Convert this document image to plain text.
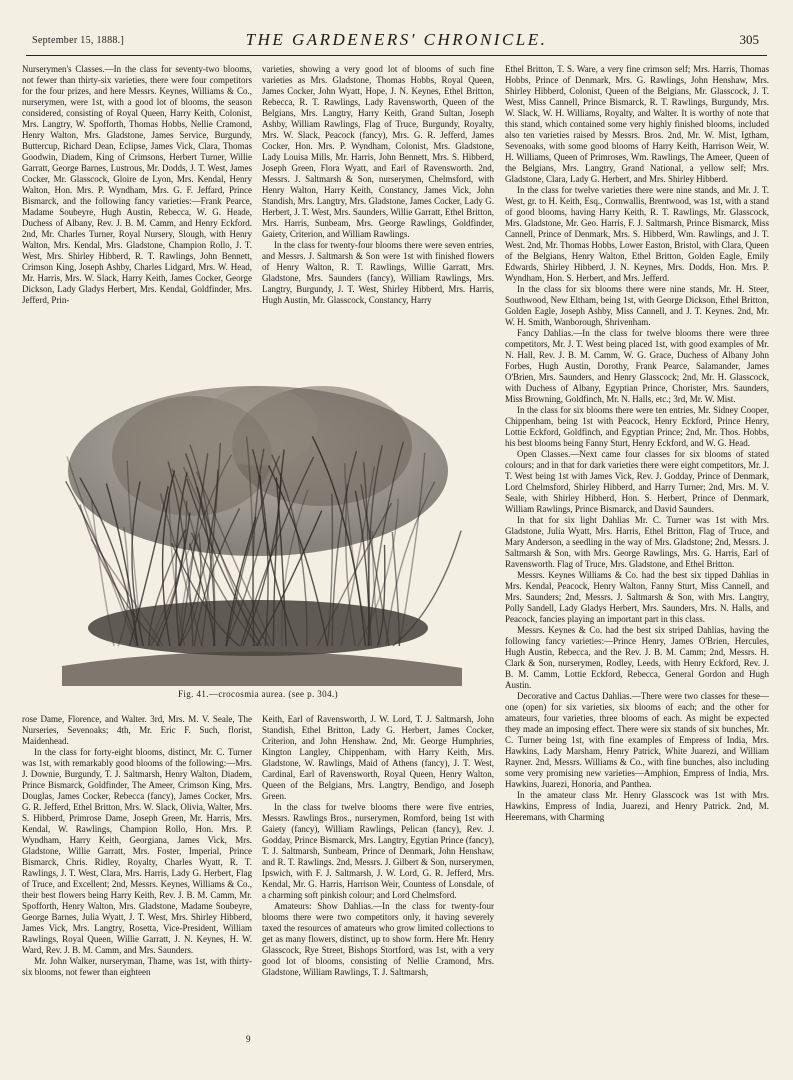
September 15, 1888.]	THE GARDENERS' CHRONICLE.	305

Nurserymen's Classes.—In the class for seventy-two blooms, not fewer than thirty-six varieties, there were four competitors for the four prizes, and here Messrs. Keynes, Williams & Co., nurserymen, were 1st, with a good lot of blooms, the season considered, consisting of Royal Queen, Harry Keith, Colonist, Mrs. Langtry, W. Spofforth, Thomas Hobbs, Nellie Cramond, Henry Walton, Mrs. Gladstone, James Service, Burgundy, Buttercup, Richard Dean, Eclipse, James Vick, Clara, Thomas Goodwin, Diadem, King of Crimsons, Herbert Turner, Willie Garratt, George Barnes, Lustrous, Mr. Dodds, J. T. West, James Cocker, Mr. Glasscock, Gloire de Lyon, Mrs. Kendal, Henry Walton, Hon. Mrs. P. Wyndham, Mrs. G. F. Jeffard, Prince Bismarck, and the following fancy varieties:—Frank Pearce, Madame Soubeyre, Hugh Austin, Rebecca, W. G. Heade, Duchess of Albany, Rev. J. B. M. Camm, and Henry Eckford. 2nd, Mr. Charles Turner, Royal Nursery, Slough, with Henry Walton, Mrs. Kendal, Mrs. Gladstone, Champion Rollo, J. T. West, Mrs. Shirley Hibberd, R. T. Rawlings, John Bennett, Crimson King, Joseph Ashby, Charles Lidgard, Mrs. W. Head, Mr. Harris, Mrs. W. Slack, Harry Keith, James Cocker, George Dickson, Lady Gladys Herbert, Mrs. Kendal, Goldfinder, Mrs. Jefferd, Prin-

varieties, showing a very good lot of blooms of such fine varieties as Mrs. Gladstone, Thomas Hobbs, Royal Queen, James Cocker, John Wyatt, Hope, J. N. Keynes, Ethel Britton, Rebecca, R. T. Rawlings, Lady Ravensworth, Queen of the Belgians, Mrs. Langtry, Harry Keith, Grand Sultan, Joseph Ashby, William Rawlings, Flag of Truce, Burgundy, Royalty, Mrs. W. Slack, Peacock (fancy), Mrs. G. R. Jefferd, James Cocker, Hon. Mrs. P. Wyndham, Colonist, Mrs. Gladstone, Lady Louisa Mills, Mr. Harris, John Bennett, Mrs. S. Hibberd, Joseph Green, Flora Wyatt, and Earl of Ravensworth. 2nd, Messrs. J. Saltmarsh & Son, nurserymen, Chelmsford, with Henry Walton, Harry Keith, Constancy, James Vick, John Standish, Mrs. Langtry, Mrs. Gladstone, James Cocker, Lady G. Herbert, J. T. West, Mrs. Saunders, Willie Garratt, Ethel Britton, Mrs. Harris, Sunbeam, Mrs. George Rawlings, Goldfinder, Gaiety, Criterion, and William Rawlings.

In the class for twenty-four blooms there were seven entries, and Messrs. J. Saltmarsh & Son were 1st with finished flowers of Henry Walton, R. T. Rawlings, Willie Garratt, Mrs. Gladstone, Mrs. Saunders (fancy), William Rawlings, Mrs. Langtry, Burgundy, J. T. West, Shirley Hibberd, Mrs. Harris, Hugh Austin, Mr. Glasscock, Constancy, Harry

Ethel Britton, T. S. Ware, a very fine crimson self; Mrs. Harris, Thomas Hobbs, Prince of Denmark, Mrs. G. Rawlings, John Henshaw, Mrs. Shirley Hibberd, Colonist, Queen of the Belgians, Mr. Glasscock, J. T. West, Miss Cannell, Prince Bismarck, R. T. Rawlings, Burgundy, Mrs. W. Slack, W. H. Williams, Royalty, and Walter. It is worthy of note that this stand, which contained some very highly finished blooms, included also ten varieties raised by Messrs. Bros. 2nd, Mr. W. Mist, Igtham, Sevenoaks, with some good blooms of Harry Keith, Harrison Weir, W. H. Williams, Queen of Primroses, Wm. Rawlings, The Ameer, Queen of the Belgians, Mrs. Langtry, Grand National, a yellow self; Mrs. Gladstone, Clara, Lady G. Herbert, and Mrs. Shirley Hibberd.

In the class for twelve varieties there were nine stands, and Mr. J. T. West, gr. to H. Keith, Esq., Cornwallis, Brentwood, was 1st, with a stand of good blooms, having Harry Keith, R. T. Rawlings, Mr. Glasscock, Mrs. Gladstone, Mr. Geo. Harris, F. J. Saltmarsh, Prince Bismarck, Miss Cannell, Prince of Denmark, Mrs. S. Hibberd, Wm. Rawlings, and J. T. West. 2nd, Mr. Thomas Hobbs, Lower Easton, Bristol, with Clara, Queen of the Belgians, Henry Walton, Ethel Britton, Golden Eagle, Emily Edwards, Shirley Hibberd, J. N. Keynes, Mrs. Dodds, Hon. Mrs. P. Wyndham, Hon. S. Herbert, and Mrs. Jefferd.

In the class for six blooms there were nine stands, Mr. H. Steer, Southwood, New Eltham, being 1st, with George Dickson, Ethel Britton, Golden Eagle, Joseph Ashby, Miss Cannell, and J. T. Keynes. 2nd, Mr. W. H. Smith, Wanborough, Shrivenham.

Fancy Dahlias.—In the class for twelve blooms there were three competitors, Mr. J. T. West being placed 1st, with good examples of Mr. N. Hall, Rev. J. B. M. Camm, W. G. Grace, Duchess of Albany John Forbes, Hugh Austin, Dorothy, Frank Pearce, Salamander, James O'Brien, Mrs. Saunders, and Henry Glasscock; 2nd, Mr. H. Glasscock, with Duchess of Albany, Egyptian Prince, Chorister, Mrs. Saunders, Miss Browning, Goldfinch, Mr. N. Halls, etc.; 3rd, Mr. W. Mist.

In the class for six blooms there were ten entries, Mr. Sidney Cooper, Chippenham, being 1st with Peacock, Henry Eckford, Prince Henry, Lottie Eckford, Goldfinch, and Egyptian Prince; 2nd, Mr. Thos. Hobbs, his best blooms being Fanny Sturt, Henry Eckford, and W. G. Head.

Open Classes.—Next came four classes for six blooms of stated colours; and in that for dark varieties there were eight competitors, Mr. J. T. West being 1st with James Vick, Rev. J. Godday, Prince of Denmark, Lord Chelmsford, Shirley Hibberd, and Harry Turner; 2nd, Mrs. M. V. Seale, with Shirley Hibberd, Hon. S. Herbert, Prince of Denmark, William Rawlings, Prince Bismarck, and David Saunders.

In that for six light Dahlias Mr. C. Turner was 1st with Mrs. Gladstone, Julia Wyatt, Mrs. Harris, Ethel Britton, Flag of Truce, and Mary Anderson, a seedling in the way of Mrs. Gladstone; 2nd, Messrs. J. Saltmarsh & Son, with Mrs. George Rawlings, Mrs. G. Harris, Earl of Ravensworth. Flag of Truce, Mrs. Gladstone, and Ethel Britton.

Messrs. Keynes Williams & Co. had the best six tipped Dahlias in Mrs. Kendal, Peacock, Henry Walton, Fanny Sturt, Miss Cannell, and Mrs. Saunders; 2nd, Messrs. J. Saltmarsh & Son, with Mrs. Langtry, Polly Sandell, Lady Gladys Herbert, Mrs. Saunders, Mrs. N. Halls, and Peacock, fancies playing an important part in this class.

Messrs. Keynes & Co. had the best six striped Dahlias, having the following fancy varieties:—Prince Henry, James O'Brien, Hercules, Hugh Austin, Rebecca, and the Rev. J. B. M. Camm; 2nd, Messrs. H. Clark & Son, nurserymen, Rodley, Leeds, with Henry Eckford, Rev. J. B. M. Camm, Lottie Eckford, Rebecca, General Gordon and Hugh Austin.

Decorative and Cactus Dahlias.—There were two classes for these—one (open) for six varieties, six blooms of each; and the other for amateurs, four varieties, three blooms of each. As might be expected they made an imposing effect. There were six stands of six bunches, Mr. C. Turner being 1st, with fine examples of Empress of India, Mrs. Hawkins, Lady Marsham, Henry Patrick, White Juarezi, and William Rayner. 2nd, Messrs. Williams & Co., with fine bunches, also including some very promising new varieties—Amphion, Empress of India, Mrs. Hawkins, Juarezi, Honoria, and Panthea.

In the amateur class Mr. Henry Glasscock was 1st with Mrs. Hawkins, Empress of India, Juarezi, and Henry Patrick. 2nd, M. Heeremans, with Charming

Fig. 41.—crocosmia aurea. (see p. 304.)

rose Dame, Florence, and Walter. 3rd, Mrs. M. V. Seale, The Nurseries, Sevenoaks; 4th, Mr. Eric F. Such, florist, Maidenhead.

In the class for forty-eight blooms, distinct, Mr. C. Turner was 1st, with remarkably good blooms of the following:—Mrs. J. Downie, Burgundy, T. J. Saltmarsh, Henry Walton, Diadem, Prince Bismarck, Goldfinder, The Ameer, Crimson King, Mrs. Douglas, James Cocker, Rebecca (fancy), James Cocker, Mrs. G. R. Jefferd, Ethel Britton, Mrs. W. Slack, Olivia, Walter, Mrs. S. Hibberd, Primrose Dame, Joseph Green, Mr. Harris, Mrs. Kendal, W. Rawlings, Champion Rollo, Hon. Mrs. P. Wyndham, Harry Keith, Georgiana, James Vick, Mrs. Gladstone, Willie Garratt, Mrs. Foster, Imperial, Prince Bismarck, Chris. Ridley, Royalty, Charles Wyatt, R. T. Rawlings, J. T. West, Clara, Mrs. Harris, Lady G. Herbert, Flag of Truce, and Excellent; 2nd, Messrs. Keynes, Williams & Co., their best flowers being Harry Keith, Rev. J. B. M. Camm, Mr. Spofforth, Henry Walton, Mrs. Gladstone, Madame Soubeyre, George Barnes, Julia Wyatt, J. T. West, Mrs. Shirley Hibberd, James Vick, Mrs. Langtry, Rosetta, Vice-President, William Rawlings, Royal Queen, Willie Garratt, J. N. Keynes, H. W. Ward, Rev. J. B. M. Camm, and Mrs. Saunders.

Mr. John Walker, nurseryman, Thame, was 1st, with thirty-six blooms, not fewer than eighteen

Keith, Earl of Ravensworth, J. W. Lord, T. J. Saltmarsh, John Standish, Ethel Britton, Lady G. Herbert, James Cocker, Criterion, and John Henshaw. 2nd, Mr. George Humphries, Kington Langley, Chippenham, with Harry Keith, Mrs. Gladstone, W. Rawlings, Maid of Athens (fancy), J. T. West, Cardinal, Earl of Ravensworth, Royal Queen, Henry Walton, Queen of the Belgians, Mrs. Langtry, Bendigo, and Joseph Green.

In the class for twelve blooms there were five entries, Messrs. Rawlings Bros., nurserymen, Romford, being 1st with Gaiety (fancy), William Rawlings, Pelican (fancy), Rev. J. Godday, Prince Bismarck, Mrs. Langtry, Egytian Prince (fancy), T. J. Saltmarsh, Sunbeam, Prince of Denmark, John Henshaw, and R. T. Rawlings. 2nd, Messrs. J. Gilbert & Son, nurserymen, Ipswich, with F. J. Saltmarsh, J. W. Lord, G. R. Jefferd, Mrs. Kendal, Mr. G. Harris, Harrison Weir, Countess of Lonsdale, of a charming soft pinkish colour; and Lord Chelmsford.

Amateurs: Show Dahlias.—In the class for twenty-four blooms there were two competitors only, it having severely taxed the resources of amateurs who grow limited collections to get as many flowers, distinct, up to show form. Here Mr. Henry Glasscock, Rye Street, Bishops Stortford, was 1st, with a very good lot of blooms, consisting of Nellie Cramond, Mrs. Gladstone, William Rawlings, T. J. Saltmarsh,

9
